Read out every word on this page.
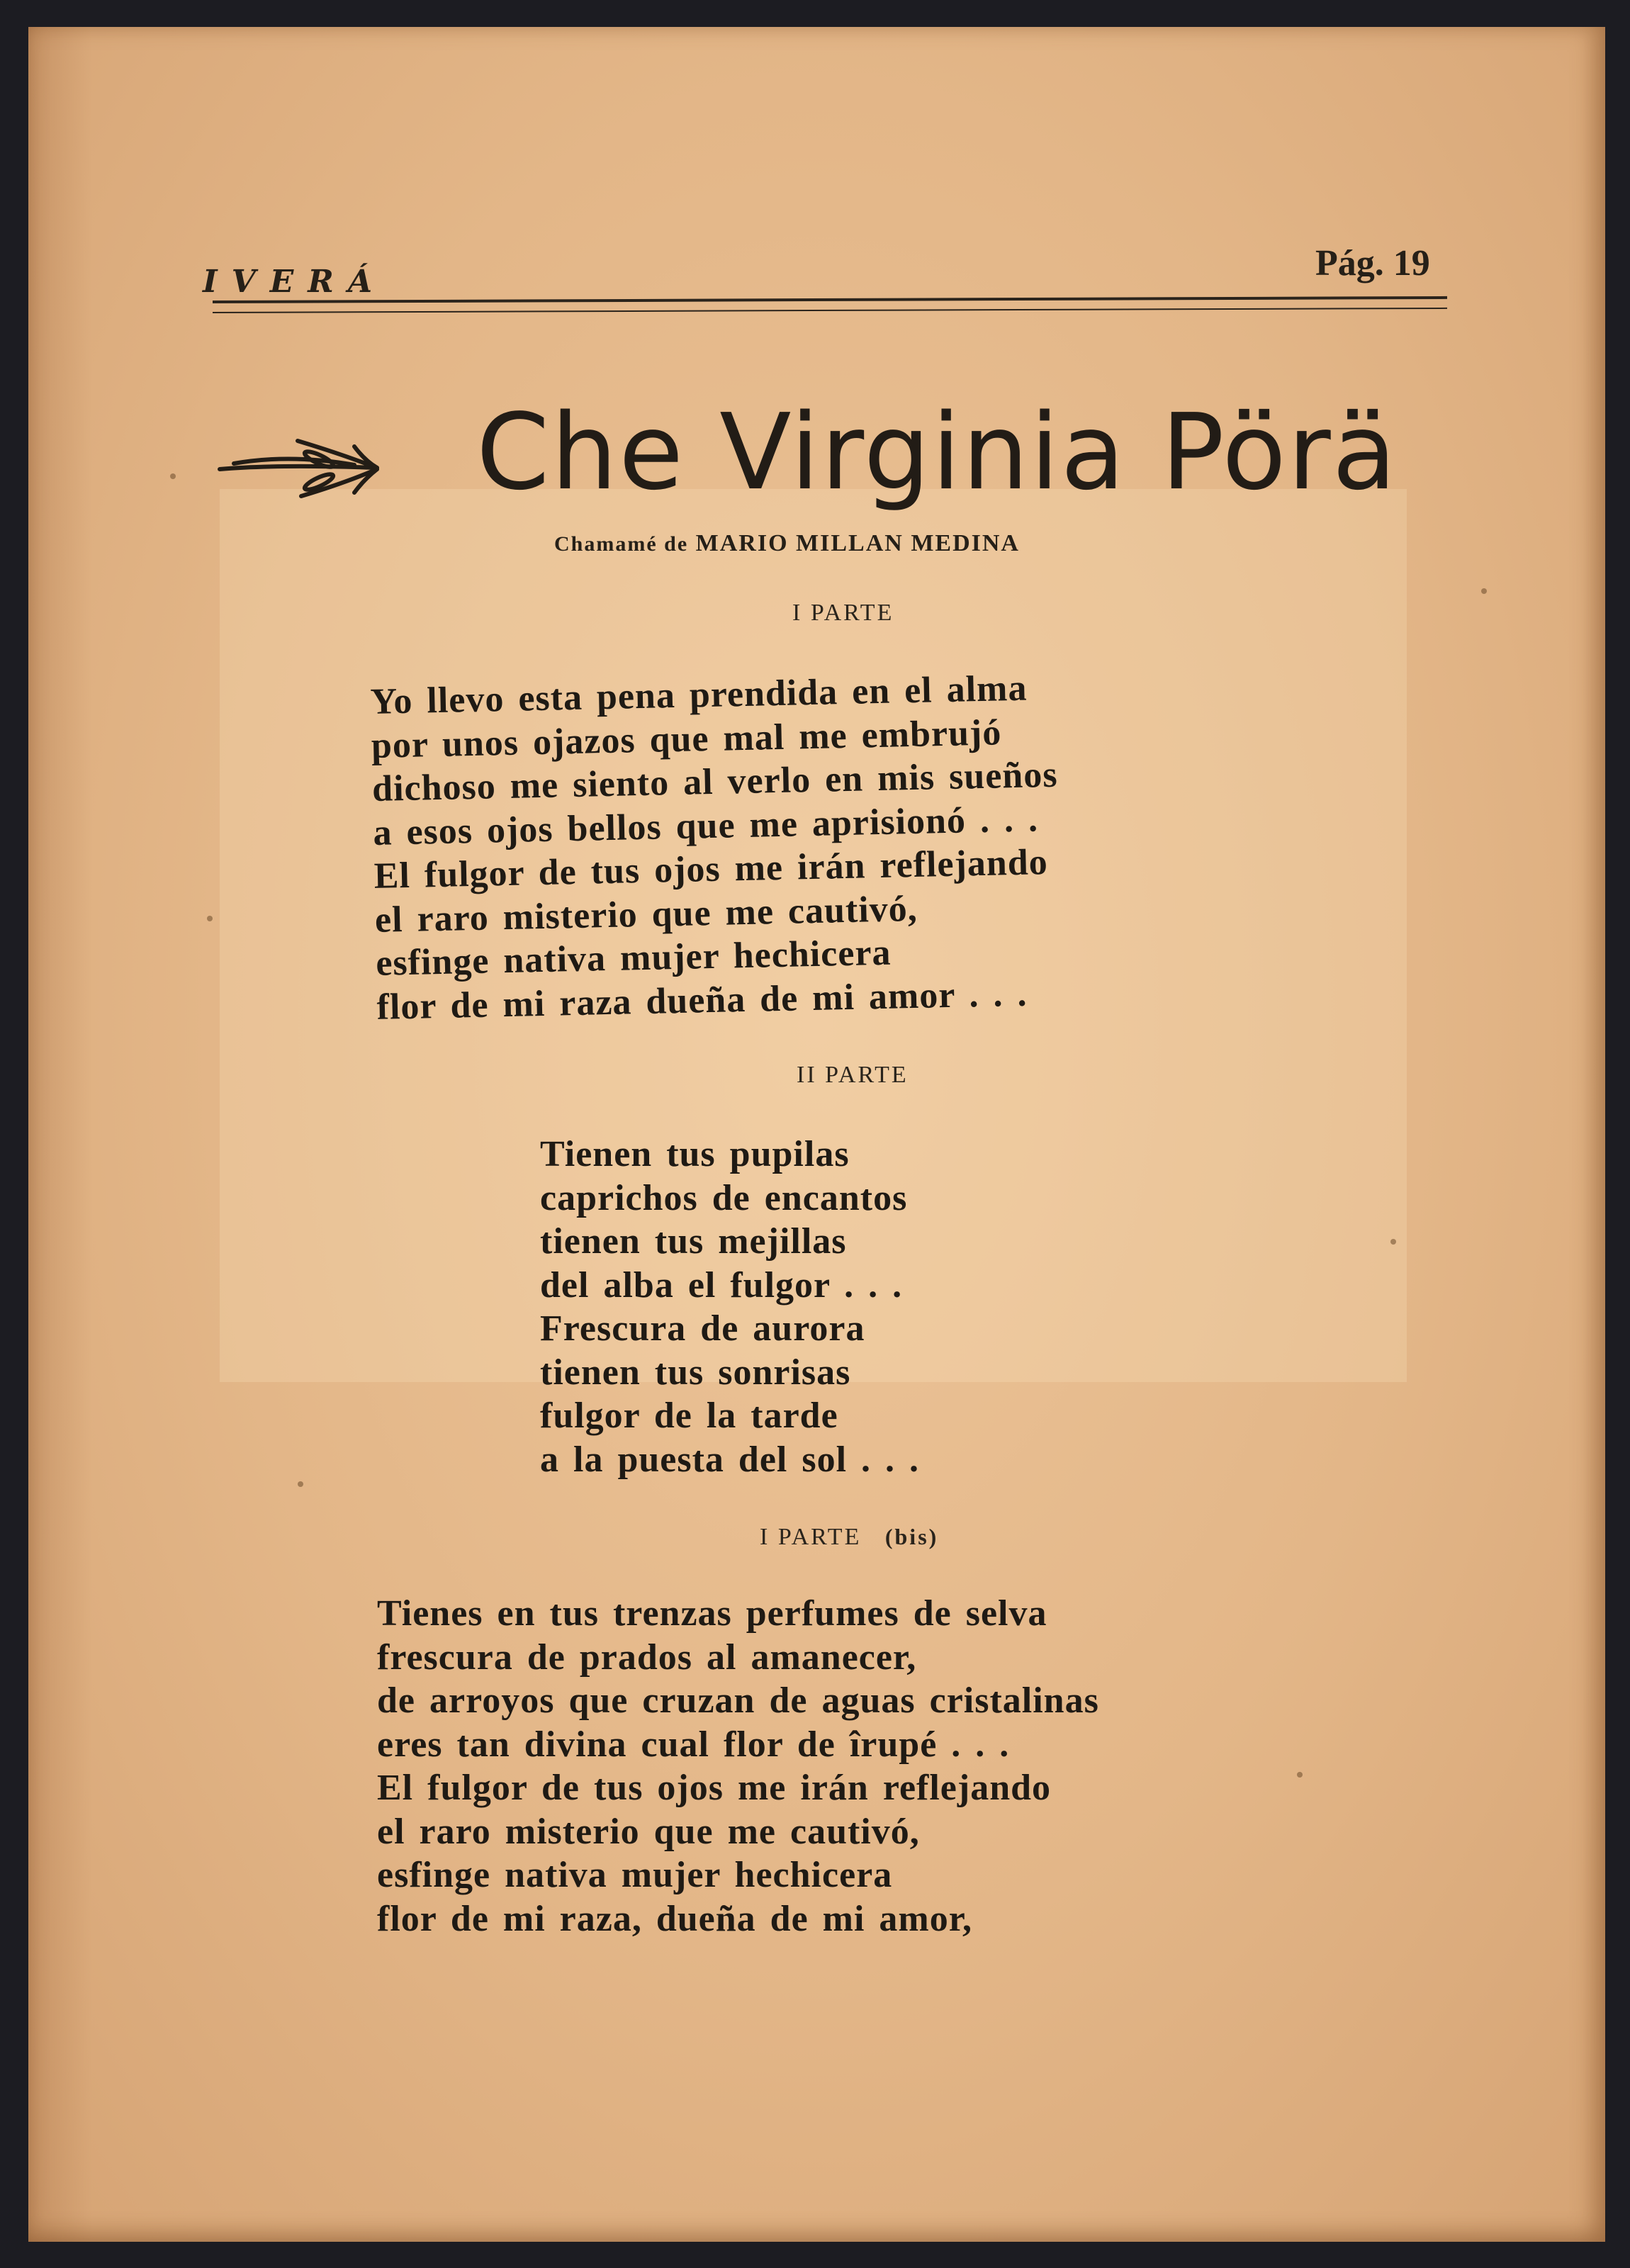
IVERÁ	Pág. 19
Che Virginia Pörä
Chamamé de MARIO MILLAN MEDINA
I PARTE
Yo llevo esta pena prendida en el alma
por unos ojazos que mal me embrujó
dichoso me siento al verlo en mis sueños
a esos ojos bellos que me aprisionó . . .
El fulgor de tus ojos me irán reflejando
el raro misterio que me cautivó,
esfinge nativa mujer hechicera
flor de mi raza dueña de mi amor . . .
II PARTE
Tienen tus pupilas
caprichos de encantos
tienen tus mejillas
del alba el fulgor . . .
Frescura de aurora
tienen tus sonrisas
fulgor de la tarde
a la puesta del sol . . .
I PARTE (bis)
Tienes en tus trenzas perfumes de selva
frescura de prados al amanecer,
de arroyos que cruzan de aguas cristalinas
eres tan divina cual flor de îrupé . . .
El fulgor de tus ojos me irán reflejando
el raro misterio que me cautivó,
esfinge nativa mujer hechicera
flor de mi raza, dueña de mi amor,
